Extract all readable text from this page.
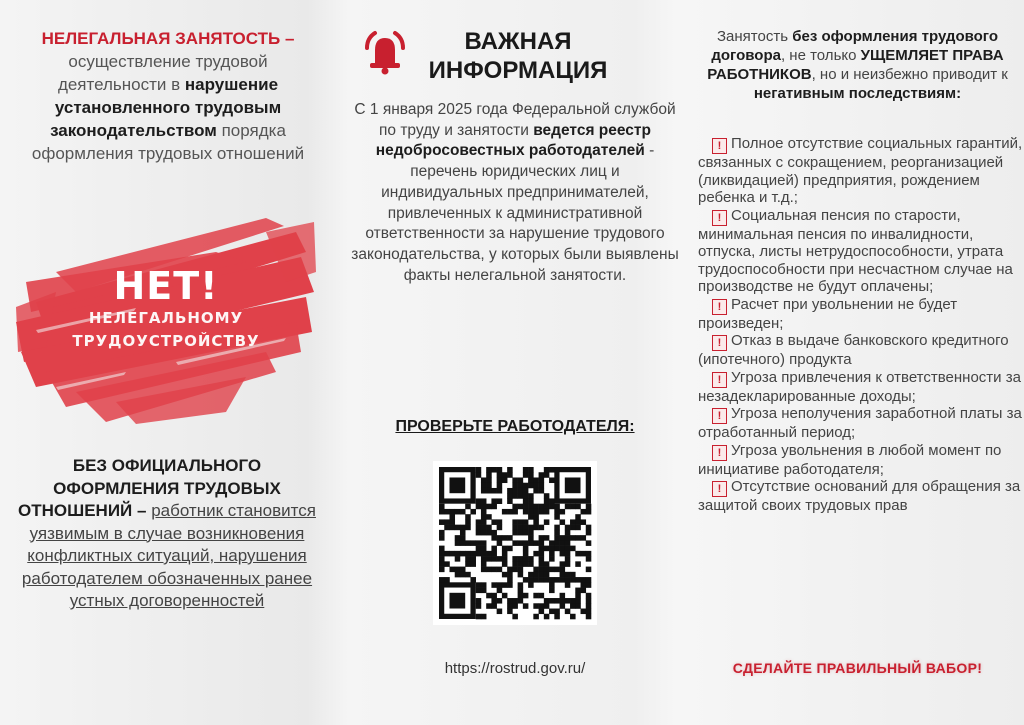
НЕЛЕГАЛЬНАЯ ЗАНЯТОСТЬ – осуществление трудовой деятельности в нарушение установленного трудовым законодательством порядка оформления трудовых отношений
НЕТ!
НЕЛЕГАЛЬНОМУ
ТРУДОУСТРОЙСТВУ
БЕЗ ОФИЦИАЛЬНОГО ОФОРМЛЕНИЯ ТРУДОВЫХ ОТНОШЕНИЙ – работник становится уязвимым в случае возникновения конфликтных ситуаций, нарушения работодателем обозначенных ранее устных договоренностей
ВАЖНАЯ ИНФОРМАЦИЯ
С 1 января 2025 года Федеральной службой по труду и занятости ведется реестр недобросовестных работодателей - перечень юридических лиц и индивидуальных предпринимателей, привлеченных к административной ответственности за нарушение трудового законодательства, у которых были выявлены факты нелегальной занятости.
ПРОВЕРЬТЕ РАБОТОДАТЕЛЯ:
https://rostrud.gov.ru/
Занятость без оформления трудового договора, не только УЩЕМЛЯЕТ ПРАВА РАБОТНИКОВ, но и неизбежно приводит к негативным последствиям:
! Полное отсутствие социальных гарантий, связанных с сокращением, реорганизацией (ликвидацией) предприятия, рождением ребенка и т.д.;
! Социальная пенсия по старости, минимальная пенсия по инвалидности, отпуска, листы нетрудоспособности, утрата трудоспособности при несчастном случае на производстве не будут оплачены;
! Расчет при увольнении не будет произведен;
! Отказ в выдаче банковского кредитного (ипотечного) продукта
! Угроза привлечения к ответственности за незадекларированные доходы;
! Угроза неполучения заработной платы за отработанный период;
! Угроза увольнения в любой момент по инициативе работодателя;
! Отсутствие оснований для обращения за защитой своих трудовых прав
СДЕЛАЙТЕ ПРАВИЛЬНЫЙ ВАБОР!
